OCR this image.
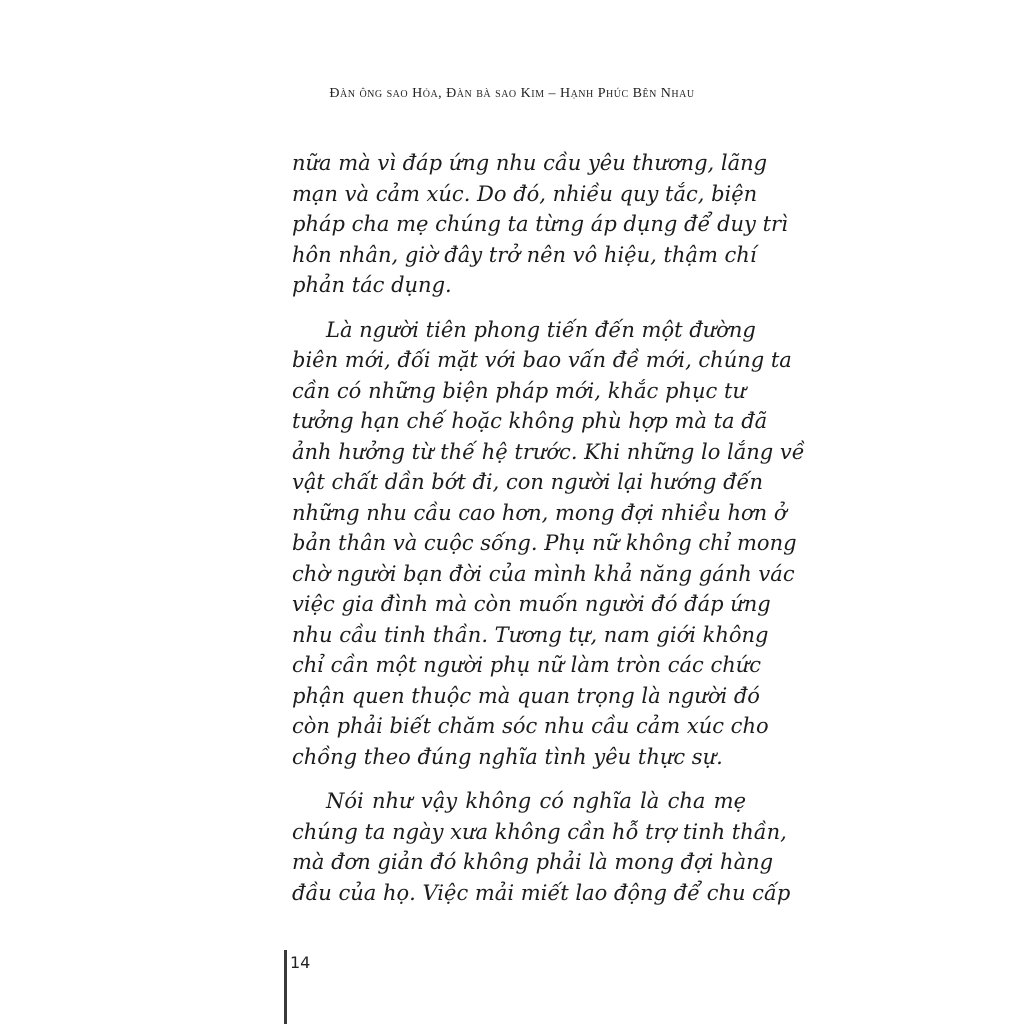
Đàn ông sao Hỏa, Đàn bà sao Kim – Hạnh Phúc Bên Nhau
nữa mà vì đáp ứng nhu cầu yêu thương, lãng
mạn và cảm xúc. Do đó, nhiều quy tắc, biện
pháp cha mẹ chúng ta từng áp dụng để duy trì
hôn nhân, giờ đây trở nên vô hiệu, thậm chí
phản tác dụng.
Là người tiên phong tiến đến một đường
biên mới, đối mặt với bao vấn đề mới, chúng ta
cần có những biện pháp mới, khắc phục tư
tưởng hạn chế hoặc không phù hợp mà ta đã
ảnh hưởng từ thế hệ trước. Khi những lo lắng về
vật chất dần bớt đi, con người lại hướng đến
những nhu cầu cao hơn, mong đợi nhiều hơn ở
bản thân và cuộc sống. Phụ nữ không chỉ mong
chờ người bạn đời của mình khả năng gánh vác
việc gia đình mà còn muốn người đó đáp ứng
nhu cầu tinh thần. Tương tự, nam giới không
chỉ cần một người phụ nữ làm tròn các chức
phận quen thuộc mà quan trọng là người đó
còn phải biết chăm sóc nhu cầu cảm xúc cho
chồng theo đúng nghĩa tình yêu thực sự.
Nói như vậy không có nghĩa là cha mẹ
chúng ta ngày xưa không cần hỗ trợ tinh thần,
mà đơn giản đó không phải là mong đợi hàng
đầu của họ. Việc mải miết lao động để chu cấp
14
